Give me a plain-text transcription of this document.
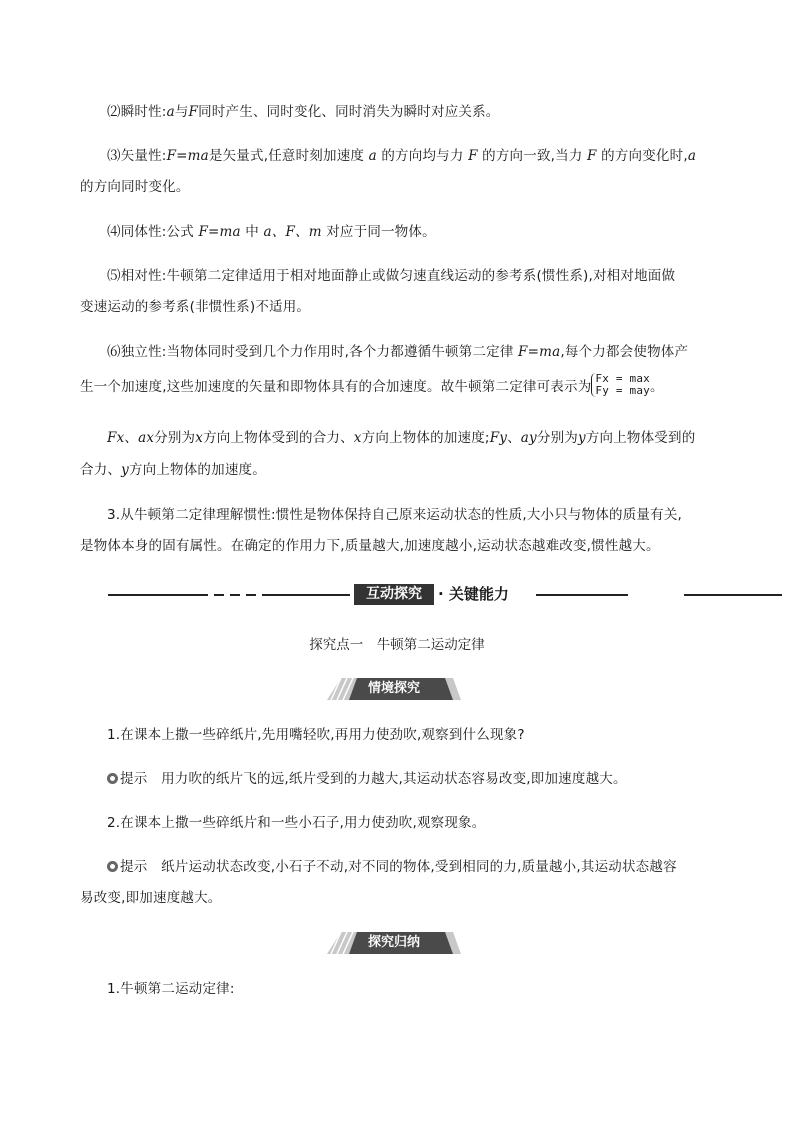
⑵瞬时性:a与F同时产生、同时变化、同时消失为瞬时对应关系。
⑶矢量性:F=ma是矢量式,任意时刻加速度 a 的方向均与力 F 的方向一致,当力 F 的方向变化时,a
的方向同时变化。
⑷同体性:公式 F=ma 中 a、F、m 对应于同一物体。
⑸相对性:牛顿第二定律适用于相对地面静止或做匀速直线运动的参考系(惯性系),对相对地面做
变速运动的参考系(非惯性系)不适用。
⑹独立性:当物体同时受到几个力作用时,各个力都遵循牛顿第二定律 F=ma,每个力都会使物体产
生一个加速度,这些加速度的矢量和即物体具有的合加速度。故牛顿第二定律可表示为
Fx = max
Fy = may 。
Fx、ax分别为x方向上物体受到的合力、x方向上物体的加速度;Fy、ay分别为y方向上物体受到的
合力、y方向上物体的加速度。
3.从牛顿第二定律理解惯性:惯性是物体保持自己原来运动状态的性质,大小只与物体的质量有关,
是物体本身的固有属性。在确定的作用力下,质量越大,加速度越小,运动状态越难改变,惯性越大。
互动探究	· 关键能力
探究点一　牛顿第二运动定律
情境探究
1.在课本上撒一些碎纸片,先用嘴轻吹,再用力使劲吹,观察到什么现象?
提示　 用力吹的纸片飞的远,纸片受到的力越大,其运动状态容易改变,即加速度越大。
2.在课本上撒一些碎纸片和一些小石子,用力使劲吹,观察现象。
提示　 纸片运动状态改变,小石子不动,对不同的物体,受到相同的力,质量越小,其运动状态越容
易改变,即加速度越大。
探究归纳
1.牛顿第二运动定律:
